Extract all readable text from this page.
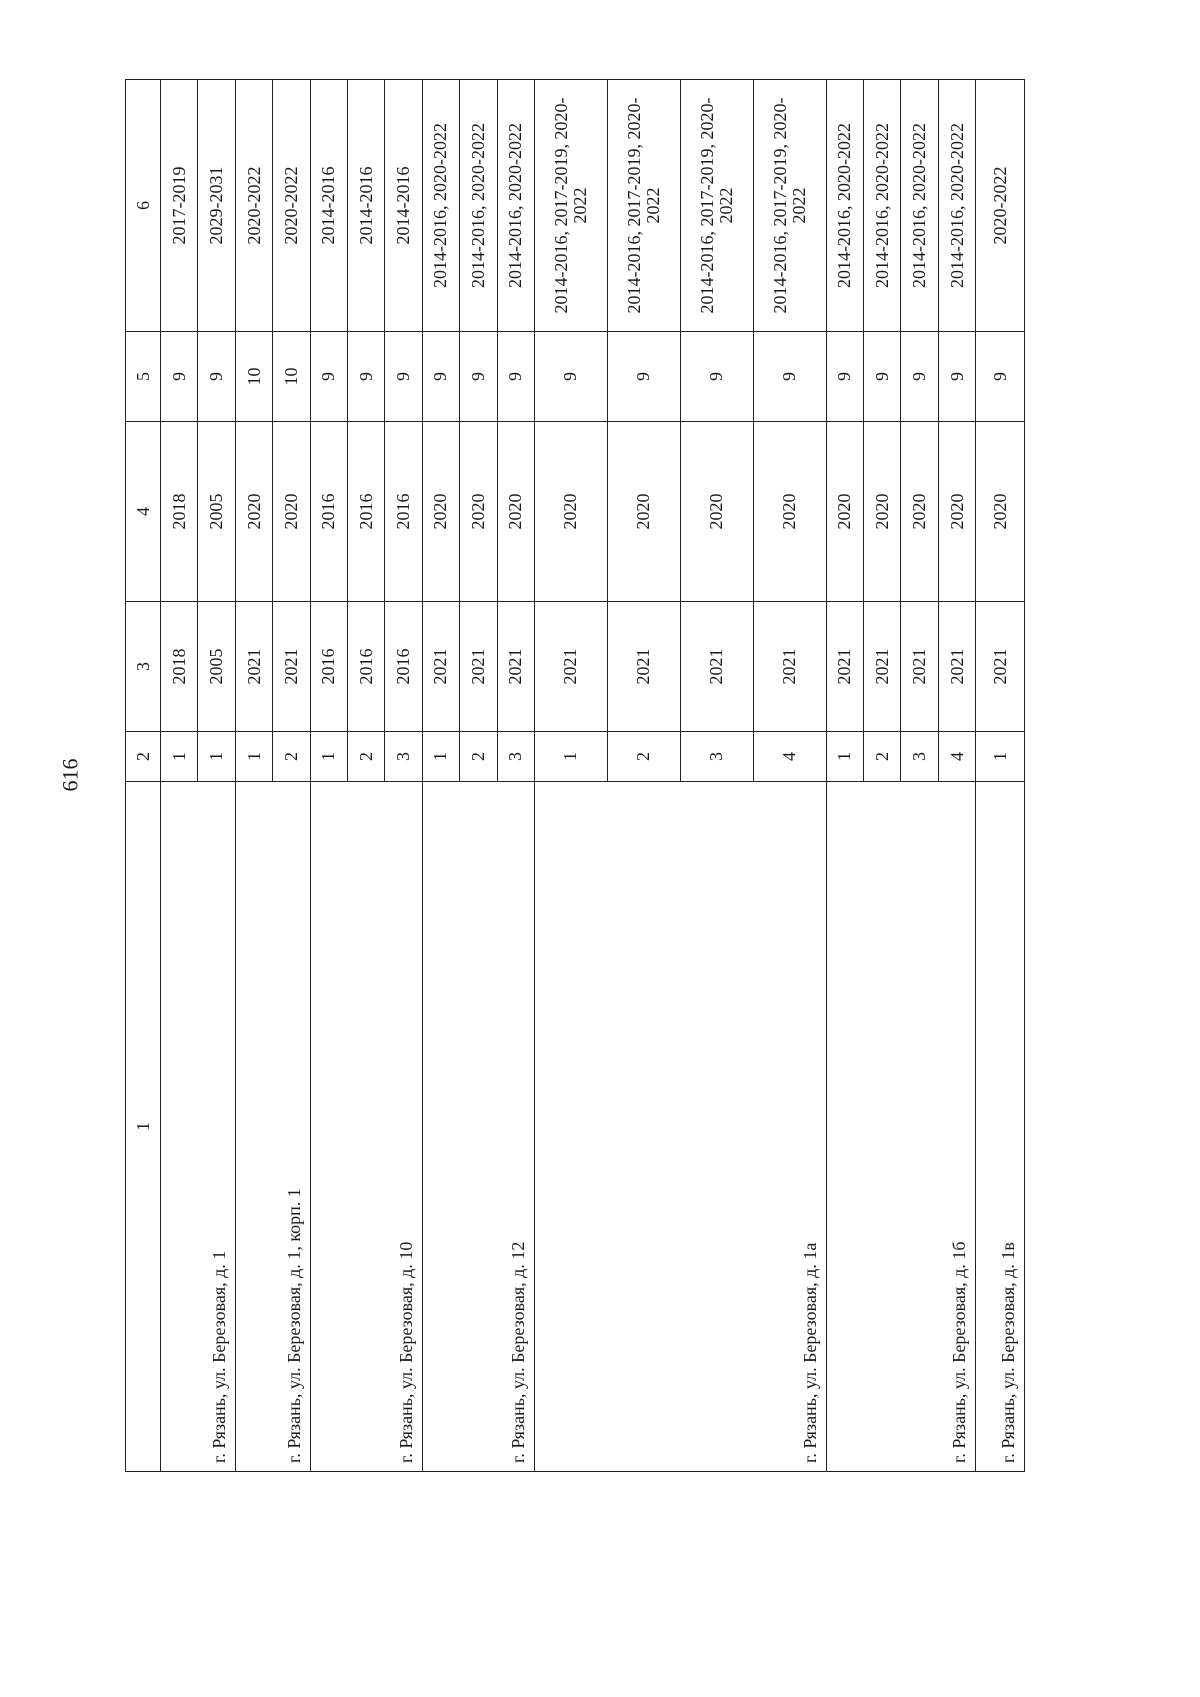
616
1	2	3	4	5	6
г. Рязань, ул. Березовая, д. 1	1	2018	2018	9	2017-2019
	1	2005	2005	9	2029-2031
г. Рязань, ул. Березовая, д. 1, корп. 1	1	2021	2020	10	2020-2022
	2	2021	2020	10	2020-2022
г. Рязань, ул. Березовая, д. 10	1	2016	2016	9	2014-2016
	2	2016	2016	9	2014-2016
	3	2016	2016	9	2014-2016
г. Рязань, ул. Березовая, д. 12	1	2021	2020	9	2014-2016, 2020-2022
	2	2021	2020	9	2014-2016, 2020-2022
	3	2021	2020	9	2014-2016, 2020-2022
г. Рязань, ул. Березовая, д. 1а	1	2021	2020	9	2014-2016, 2017-2019, 2020-2022
	2	2021	2020	9	2014-2016, 2017-2019, 2020-2022
	3	2021	2020	9	2014-2016, 2017-2019, 2020-2022
	4	2021	2020	9	2014-2016, 2017-2019, 2020-2022
г. Рязань, ул. Березовая, д. 1б	1	2021	2020	9	2014-2016, 2020-2022
	2	2021	2020	9	2014-2016, 2020-2022
	3	2021	2020	9	2014-2016, 2020-2022
	4	2021	2020	9	2014-2016, 2020-2022
г. Рязань, ул. Березовая, д. 1в	1	2021	2020	9	2020-2022
